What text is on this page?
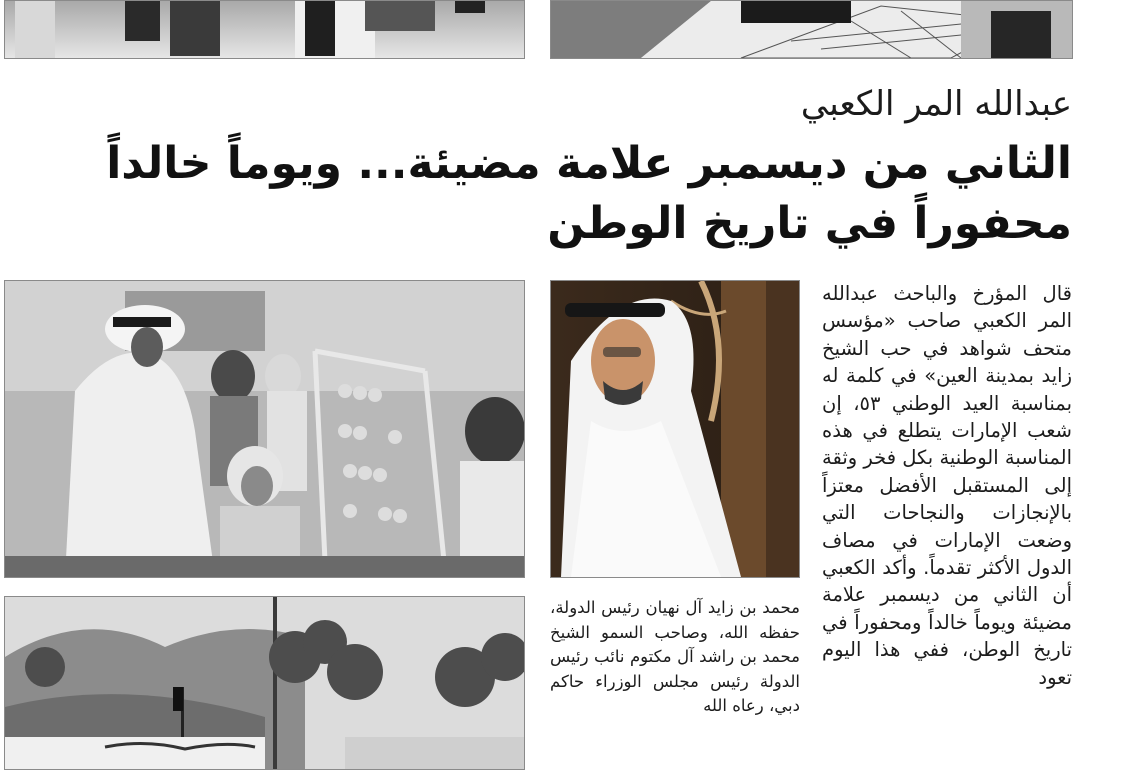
عبدالله المر الكعبي
الثاني من ديسمبر علامة مضيئة... ويوماً خالداً محفوراً في تاريخ الوطن
قال المؤرخ والباحث عبدالله المر الكعبي صاحب «مؤسس متحف شواهد في حب الشيخ زايد بمدينة العين» في كلمة له بمناسبة العيد الوطني ٥٣، إن شعب الإمارات يتطلع في هذه المناسبة الوطنية بكل فخر وثقة إلى المستقبل الأفضل معتزاً بالإنجازات والنجاحات التي وضعت الإمارات في مصاف الدول الأكثر تقدماً. وأكد الكعبي أن الثاني من ديسمبر علامة مضيئة ويوماً خالداً ومحفوراً في تاريخ الوطن، ففي هذا اليوم تعود
محمد بن زايد آل نهيان رئيس الدولة، حفظه الله، وصاحب السمو الشيخ محمد بن راشد آل مكتوم نائب رئيس الدولة رئيس مجلس الوزراء حاكم دبي، رعاه الله
